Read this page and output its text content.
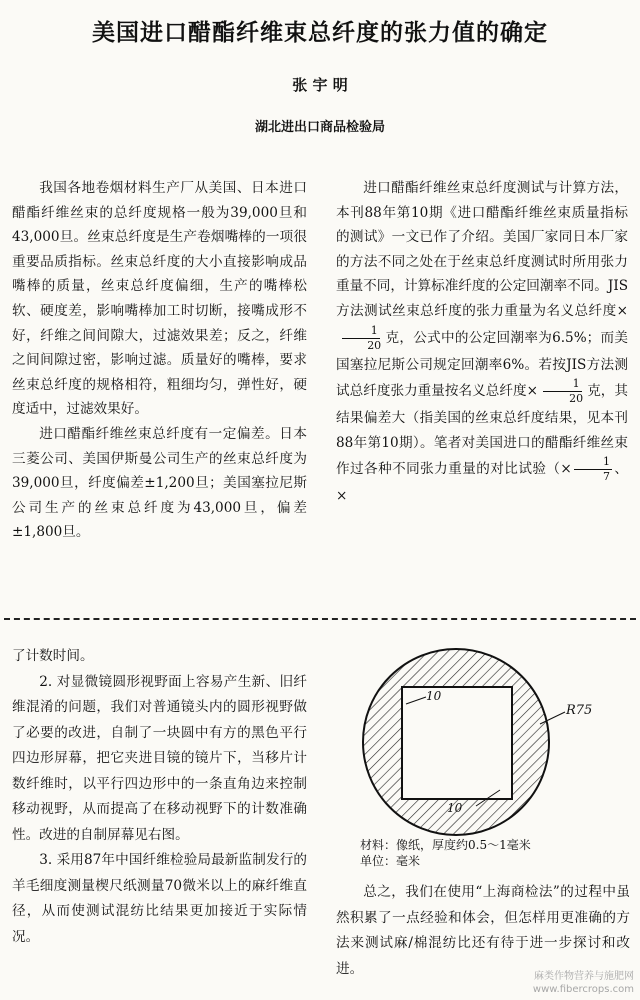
美国进口醋酯纤维束总纤度的张力值的确定
张 宇 明
湖北进出口商品检验局

我国各地卷烟材料生产厂从美国、日本进口醋酯纤维丝束的总纤度规格一般为39,000旦和43,000旦。丝束总纤度是生产卷烟嘴棒的一项很重要品质指标。丝束总纤度的大小直接影响成品嘴棒的质量，丝束总纤度偏细，生产的嘴棒松软、硬度差，影响嘴棒加工时切断，接嘴成形不好，纤维之间间隙大，过滤效果差；反之，纤维之间间隙过密，影响过滤。质量好的嘴棒，要求丝束总纤度的规格相符，粗细均匀，弹性好，硬度适中，过滤效果好。

进口醋酯纤维丝束总纤度有一定偏差。日本三菱公司、美国伊斯曼公司生产的丝束总纤度为39,000旦，纤度偏差±1,200旦；美国塞拉尼斯公司生产的丝束总纤度为43,000旦，偏差±1,800旦。

进口醋酯纤维丝束总纤度测试与计算方法，本刊88年第10期《进口醋酯纤维丝束质量指标的测试》一文已作了介绍。美国厂家同日本厂家的方法不同之处在于丝束总纤度测试时所用张力重量不同，计算标准纤度的公定回潮率不同。JIS方法测试丝束总纤度的张力重量为名义总纤度×
$\frac{1}{20}$ 克，公式中的公定回潮率为6.5%；而美国塞拉尼斯公司规定回潮率6%。若按JIS方法测试总纤度张力重量按名义总纤度× $\frac{1}{20}$ 克，其结果偏差大（指美国的丝束总纤度结果，见本刊88年第10期）。笔者对美国进口的醋酯纤维丝束作过各种不同张力重量的对比试验（× $\frac{1}{7}$ 、×

了计数时间。

2. 对显微镜圆形视野面上容易产生新、旧纤维混淆的问题，我们对普通镜头内的圆形视野做了必要的改进，自制了一块圆中有方的黑色平行四边形屏幕，把它夹进目镜的镜片下，当移片计数纤维时，以平行四边形中的一条直角边来控制移动视野，从而提高了在移动视野下的计数准确性。改进的自制屏幕见右图。

3. 采用87年中国纤维检验局最新监制发行的羊毛细度测量楔尺纸测量70微米以上的麻纤维直径，从而使测试混纺比结果更加接近于实际情况。

10
10
R75
材料：像纸，厚度约0.5～1毫米
单位：毫米

总之，我们在使用“上海商检法”的过程中虽然积累了一点经验和体会，但怎样用更准确的方法来测试麻/棉混纺比还有待于进一步探讨和改进。	麻类作物营养与施肥网
www.fibercrops.com
